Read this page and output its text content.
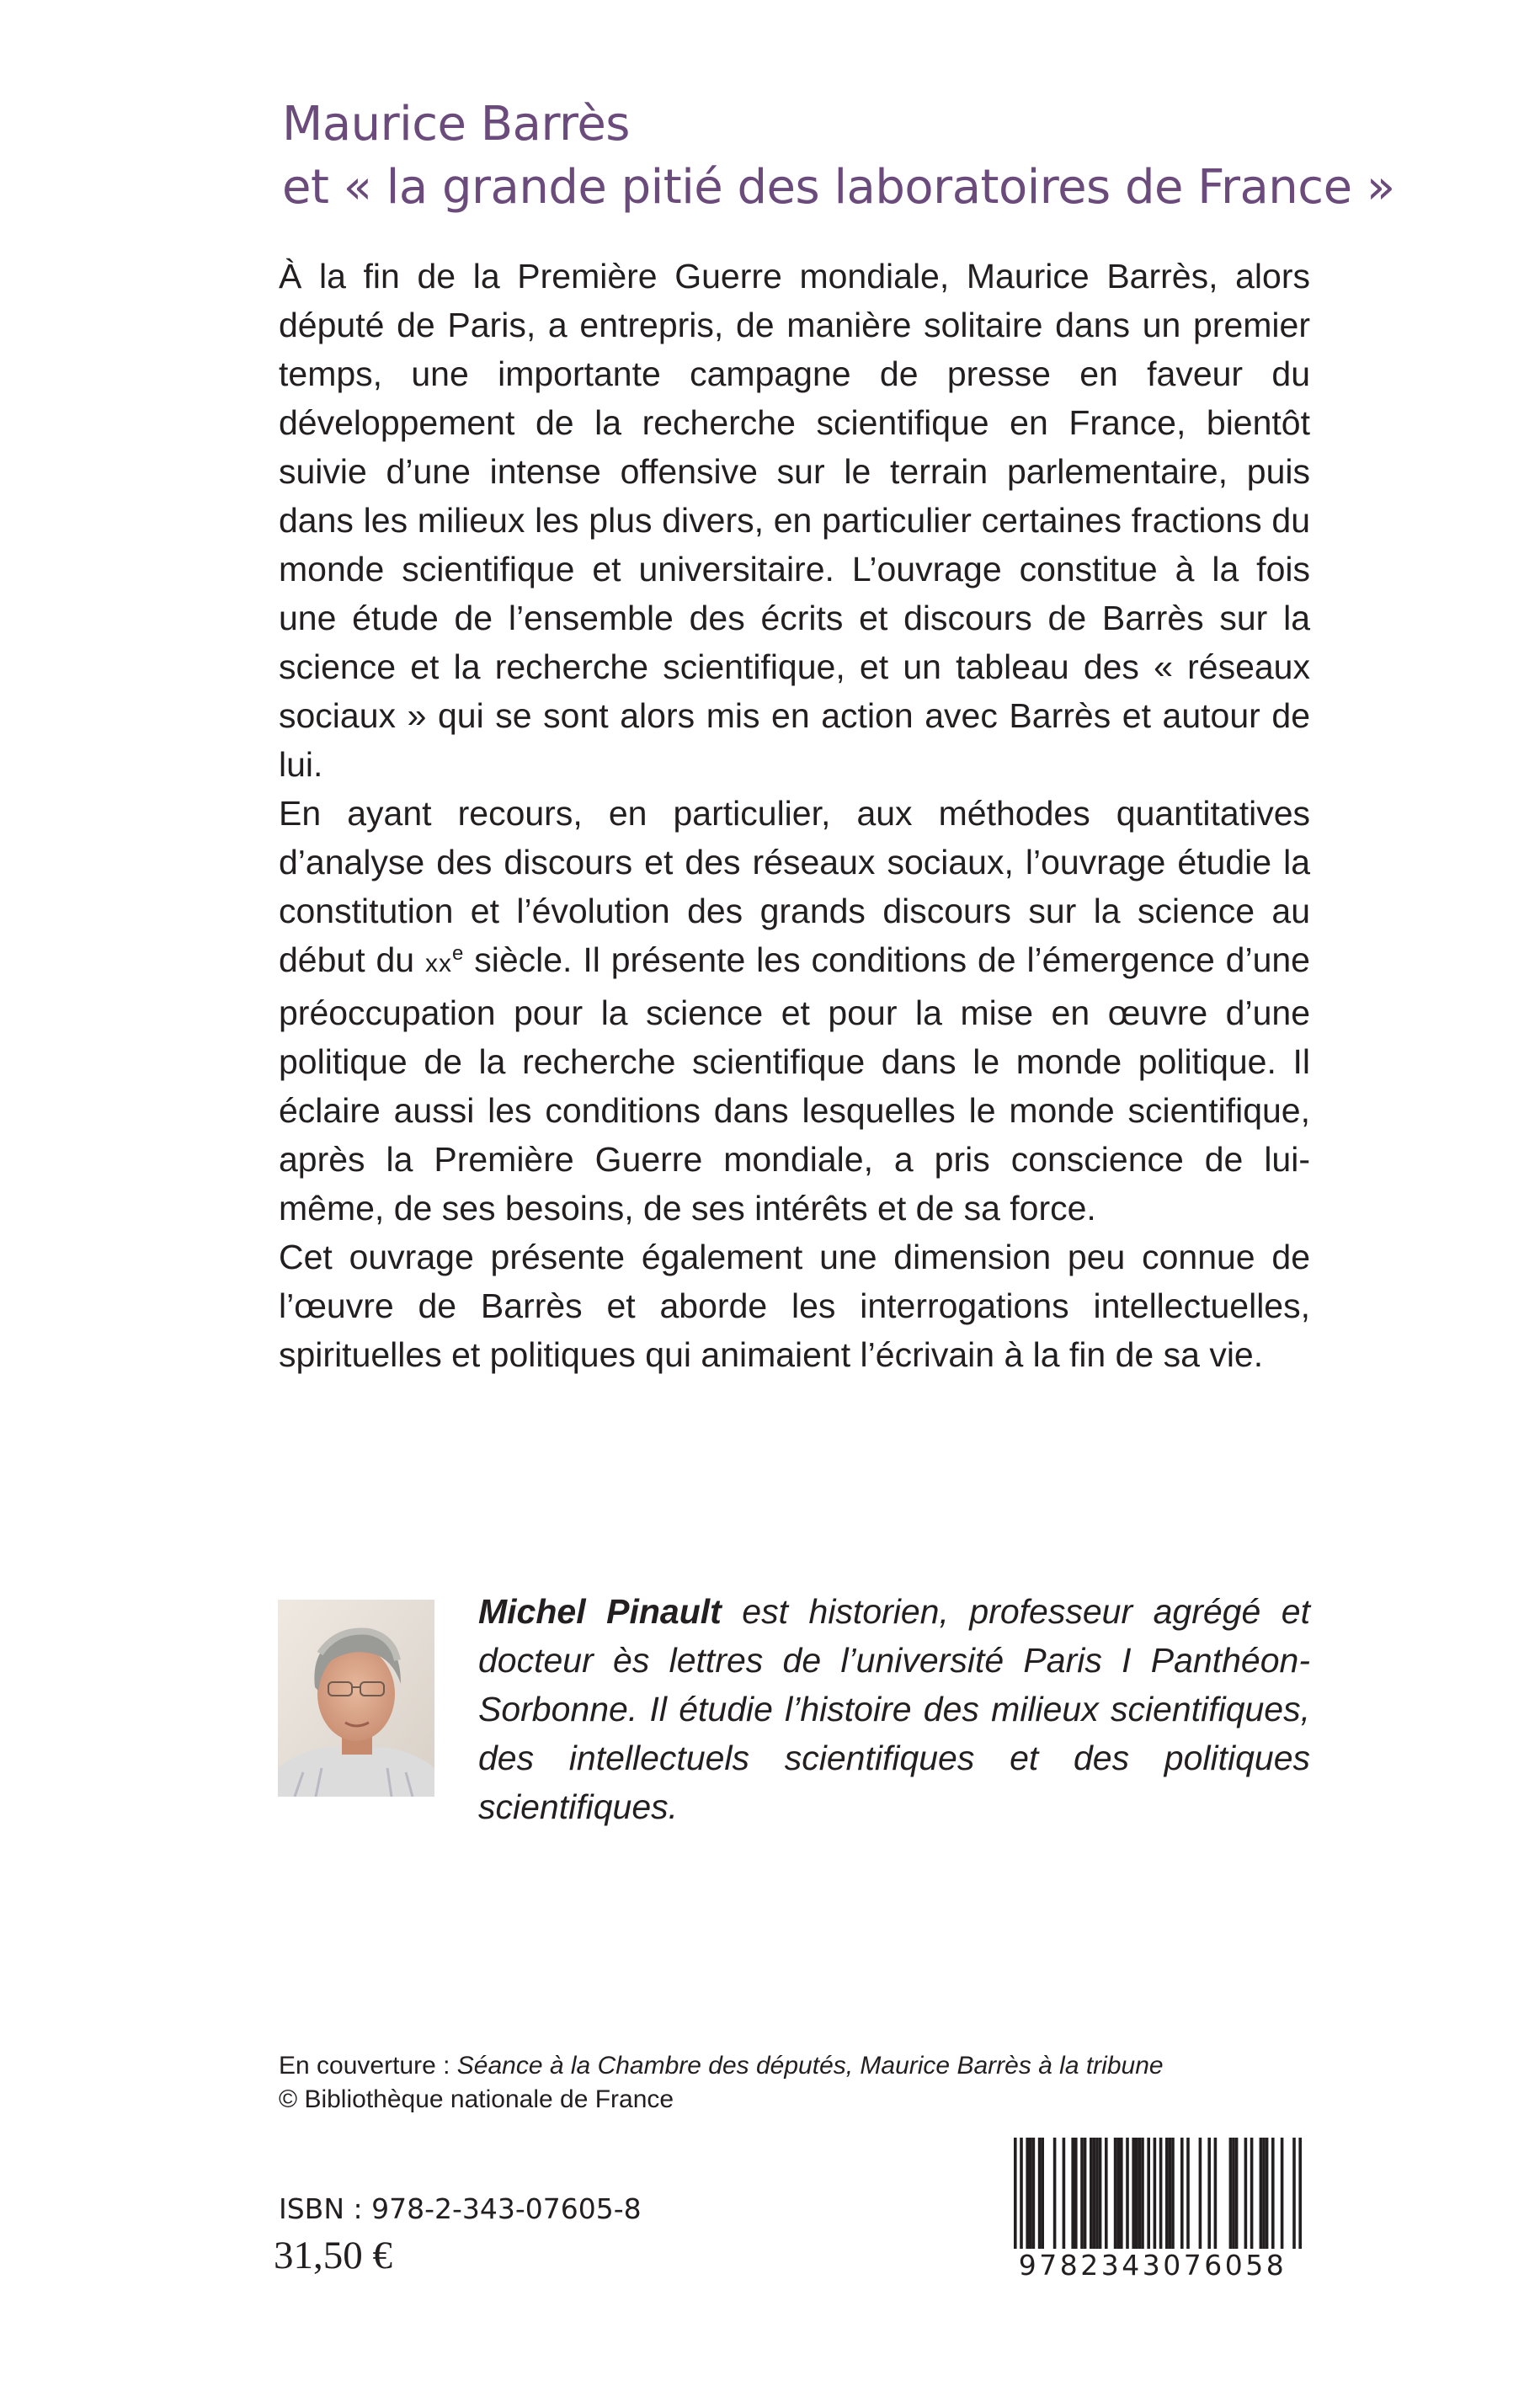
Maurice Barrès
et « la grande pitié des laboratoires de France »

À la fin de la Première Guerre mondiale, Maurice Barrès, alors député de Paris, a entrepris, de manière solitaire dans un premier temps, une importante campagne de presse en faveur du développement de la recherche scientifique en France, bientôt suivie d’une intense offensive sur le terrain parlementaire, puis dans les milieux les plus divers, en particulier certaines fractions du monde scientifique et universitaire. L’ouvrage constitue à la fois une étude de l’ensemble des écrits et discours de Barrès sur la science et la recherche scientifique, et un tableau des « réseaux sociaux » qui se sont alors mis en action avec Barrès et autour de lui.

En ayant recours, en particulier, aux méthodes quantitatives d’analyse des discours et des réseaux sociaux, l’ouvrage étudie la constitution et l’évolution des grands discours sur la science au début du $xx^e$ siècle. Il présente les conditions de l’émergence d’une préoccupation pour la science et pour la mise en œuvre d’une politique de la recherche scientifique dans le monde politique. Il éclaire aussi les conditions dans lesquelles le monde scientifique, après la Première Guerre mondiale, a pris conscience de lui-même, de ses besoins, de ses intérêts et de sa force.

Cet ouvrage présente également une dimension peu connue de l’œuvre de Barrès et aborde les interrogations intellectuelles, spirituelles et politiques qui animaient l’écrivain à la fin de sa vie.

Michel Pinault est historien, professeur agrégé et docteur ès lettres de l’université Paris I Panthéon-Sorbonne. Il étudie l’histoire des milieux scientifiques, des intellectuels scientifiques et des politiques scientifiques.

En couverture : Séance à la Chambre des députés, Maurice Barrès à la tribune
© Bibliothèque nationale de France
ISBN : 978-2-343-07605-8
31,50 €	9782343076058
